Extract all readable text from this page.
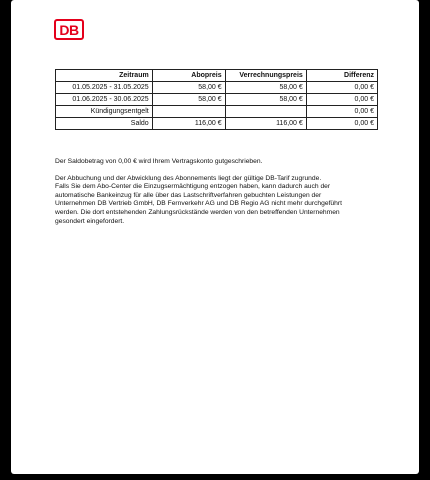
DB
Zeitraum	Abopreis	Verrechnungspreis	Differenz
01.05.2025 - 31.05.2025	58,00 €	58,00 €	0,00 €
01.06.2025 - 30.06.2025	58,00 €	58,00 €	0,00 €
Kündigungsentgelt			0,00 €
Saldo	116,00 €	116,00 €	0,00 €

Der Saldobetrag von 0,00 € wird Ihrem Vertragskonto gutgeschrieben.

Der Abbuchung und der Abwicklung des Abonnements liegt der gültige DB-Tarif zugrunde.
Falls Sie dem Abo-Center die Einzugsermächtigung entzogen haben, kann dadurch auch der
automatische Bankeinzug für alle über das Lastschriftverfahren gebuchten Leistungen der
Unternehmen DB Vertrieb GmbH, DB Fernverkehr AG und DB Regio AG nicht mehr durchgeführt
werden. Die dort entstehenden Zahlungsrückstände werden von den betreffenden Unternehmen
gesondert eingefordert.
